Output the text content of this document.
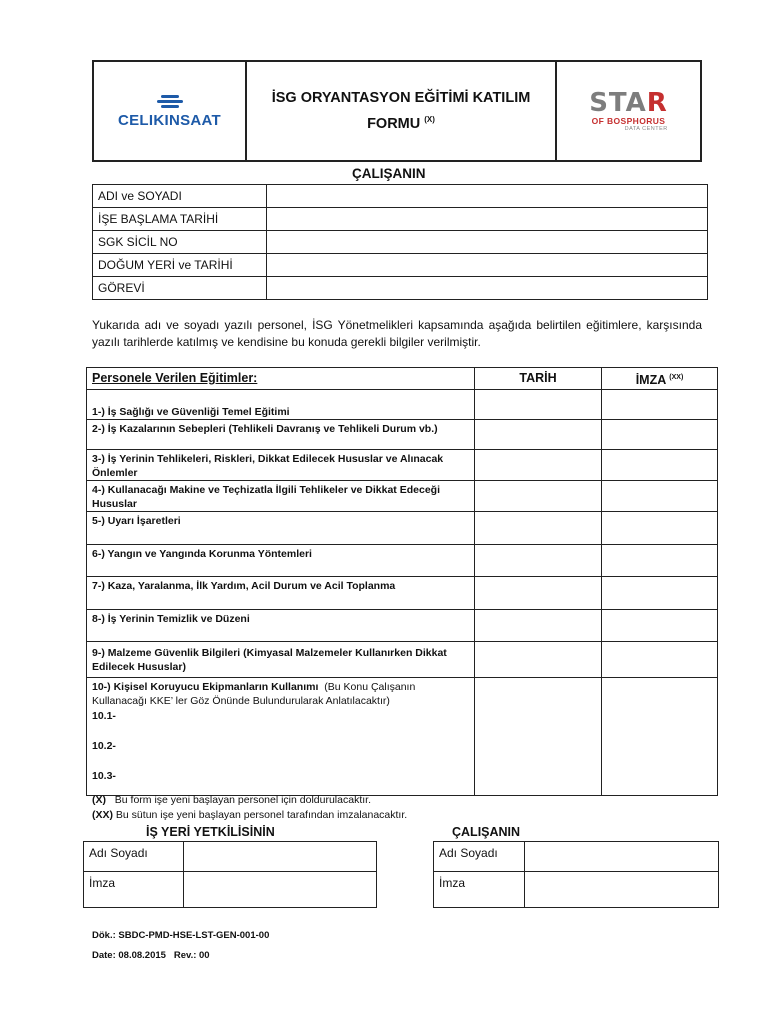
CELIKINSAAT
İSG ORYANTASYON EĞİTİMİ KATILIM
FORMU $^{(X)}$
STAR
OF BOSPHORUS
DATA CENTER
ÇALIŞANIN
ADI ve SOYADI	
İŞE BAŞLAMA TARİHİ	
SGK SİCİL NO	
DOĞUM YERİ ve TARİHİ	
GÖREVİ	
Yukarıda adı ve soyadı yazılı personel, İSG Yönetmelikleri kapsamında aşağıda belirtilen eğitimlere, karşısında yazılı tarihlerde katılmış ve kendisine bu konuda gerekli bilgiler verilmiştir.
Personele Verilen Eğitimler:	TARİH	İMZA $^{(XX)}$
1-) İş Sağlığı ve Güvenliği Temel Eğitimi		
2-) İş Kazalarının Sebepleri (Tehlikeli Davranış ve Tehlikeli Durum vb.)		
3-) İş Yerinin Tehlikeleri, Riskleri, Dikkat Edilecek Hususlar ve Alınacak Önlemler		
4-) Kullanacağı Makine ve Teçhizatla İlgili Tehlikeler ve Dikkat Edeceği Hususlar		
5-) Uyarı İşaretleri		
6-) Yangın ve Yangında Korunma Yöntemleri		
7-) Kaza, Yaralanma, İlk Yardım, Acil Durum ve Acil Toplanma		
8-) İş Yerinin Temizlik ve Düzeni		
9-) Malzeme Güvenlik Bilgileri (Kimyasal Malzemeler Kullanırken Dikkat Edilecek Hususlar)		

10-) Kişisel Koruyucu Ekipmanların Kullanımı (Bu Konu Çalışanın Kullanacağı KKE’ ler Göz Önünde Bulundurularak Anlatılacaktır)
10.1-
10.2-
10.3-		

(X) Bu form işe yeni başlayan personel için doldurulacaktır.
(XX) Bu sütun işe yeni başlayan personel tarafından imzalanacaktır.
İŞ YERİ YETKİLİSİNİN	ÇALIŞANIN
Adı Soyadı	
İmza	
Adı Soyadı	
İmza	
Dök.: SBDC-PMD-HSE-LST-GEN-001-00
Date: 08.08.2015   Rev.: 00
